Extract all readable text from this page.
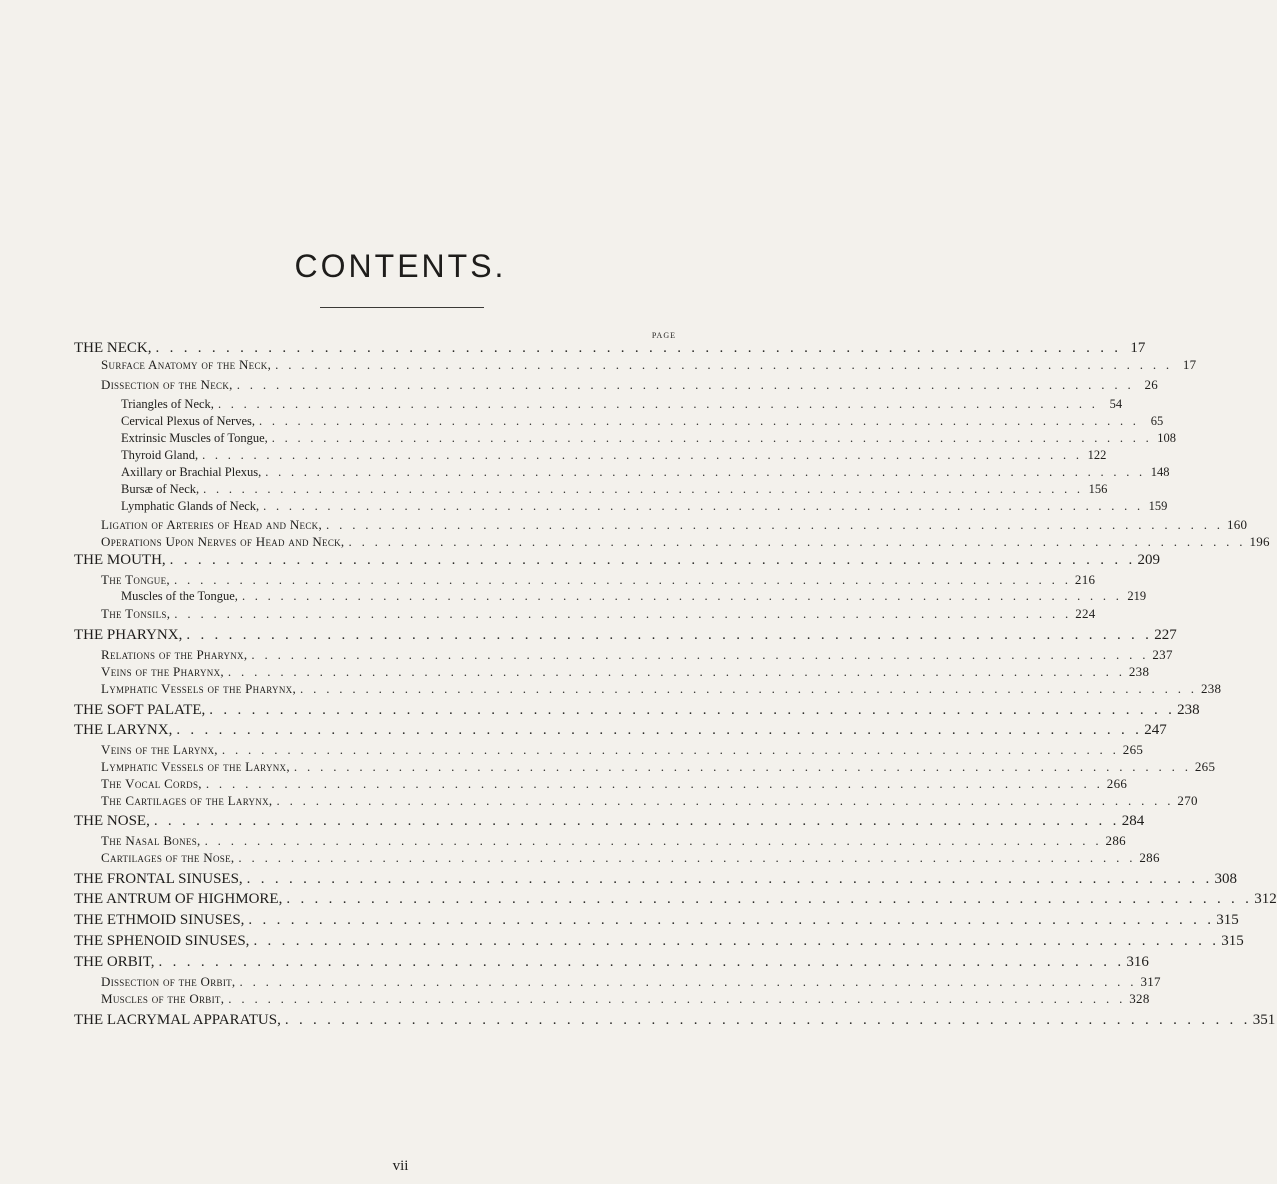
CONTENTS.
PAGE
THE NECK, . . . . . . . . . . . . . . . . . . . . . . . . . . . . . . . . . . . . . . . . . . . . . . . . . . . . . . . . . . . . . . . . . . . . . 17
Surface Anatomy of the Neck, . . . . . . . . . . . . . . . . . . . . . . . . . . . . . . . . . . . . . . . . . . . . . . . . . . . . . . . . . . . . . . . . . . . . . 17
Dissection of the Neck, . . . . . . . . . . . . . . . . . . . . . . . . . . . . . . . . . . . . . . . . . . . . . . . . . . . . . . . . . . . . . . . . . . . . . 26
Triangles of Neck, . . . . . . . . . . . . . . . . . . . . . . . . . . . . . . . . . . . . . . . . . . . . . . . . . . . . . . . . . . . . . . . . . . . . . 54
Cervical Plexus of Nerves, . . . . . . . . . . . . . . . . . . . . . . . . . . . . . . . . . . . . . . . . . . . . . . . . . . . . . . . . . . . . . . . . . . . . . 65
Extrinsic Muscles of Tongue, . . . . . . . . . . . . . . . . . . . . . . . . . . . . . . . . . . . . . . . . . . . . . . . . . . . . . . . . . . . . . . . . . . . . . 108
Thyroid Gland, . . . . . . . . . . . . . . . . . . . . . . . . . . . . . . . . . . . . . . . . . . . . . . . . . . . . . . . . . . . . . . . . . . . . . 122
Axillary or Brachial Plexus, . . . . . . . . . . . . . . . . . . . . . . . . . . . . . . . . . . . . . . . . . . . . . . . . . . . . . . . . . . . . . . . . . . . . . 148
Bursæ of Neck, . . . . . . . . . . . . . . . . . . . . . . . . . . . . . . . . . . . . . . . . . . . . . . . . . . . . . . . . . . . . . . . . . . . . . 156
Lymphatic Glands of Neck, . . . . . . . . . . . . . . . . . . . . . . . . . . . . . . . . . . . . . . . . . . . . . . . . . . . . . . . . . . . . . . . . . . . . . 159
Ligation of Arteries of Head and Neck, . . . . . . . . . . . . . . . . . . . . . . . . . . . . . . . . . . . . . . . . . . . . . . . . . . . . . . . . . . . . . . . . . . . . . 160
Operations Upon Nerves of Head and Neck, . . . . . . . . . . . . . . . . . . . . . . . . . . . . . . . . . . . . . . . . . . . . . . . . . . . . . . . . . . . . . . . . . . . . . 196
THE MOUTH, . . . . . . . . . . . . . . . . . . . . . . . . . . . . . . . . . . . . . . . . . . . . . . . . . . . . . . . . . . . . . . . . . . . . . 209
The Tongue, . . . . . . . . . . . . . . . . . . . . . . . . . . . . . . . . . . . . . . . . . . . . . . . . . . . . . . . . . . . . . . . . . . . . . 216
Muscles of the Tongue, . . . . . . . . . . . . . . . . . . . . . . . . . . . . . . . . . . . . . . . . . . . . . . . . . . . . . . . . . . . . . . . . . . . . . 219
The Tonsils, . . . . . . . . . . . . . . . . . . . . . . . . . . . . . . . . . . . . . . . . . . . . . . . . . . . . . . . . . . . . . . . . . . . . . 224
THE PHARYNX, . . . . . . . . . . . . . . . . . . . . . . . . . . . . . . . . . . . . . . . . . . . . . . . . . . . . . . . . . . . . . . . . . . . . . 227
Relations of the Pharynx, . . . . . . . . . . . . . . . . . . . . . . . . . . . . . . . . . . . . . . . . . . . . . . . . . . . . . . . . . . . . . . . . . . . . . 237
Veins of the Pharynx, . . . . . . . . . . . . . . . . . . . . . . . . . . . . . . . . . . . . . . . . . . . . . . . . . . . . . . . . . . . . . . . . . . . . . 238
Lymphatic Vessels of the Pharynx, . . . . . . . . . . . . . . . . . . . . . . . . . . . . . . . . . . . . . . . . . . . . . . . . . . . . . . . . . . . . . . . . . . . . . 238
THE SOFT PALATE, . . . . . . . . . . . . . . . . . . . . . . . . . . . . . . . . . . . . . . . . . . . . . . . . . . . . . . . . . . . . . . . . . . . . . 238
THE LARYNX, . . . . . . . . . . . . . . . . . . . . . . . . . . . . . . . . . . . . . . . . . . . . . . . . . . . . . . . . . . . . . . . . . . . . . 247
Veins of the Larynx, . . . . . . . . . . . . . . . . . . . . . . . . . . . . . . . . . . . . . . . . . . . . . . . . . . . . . . . . . . . . . . . . . . . . . 265
Lymphatic Vessels of the Larynx, . . . . . . . . . . . . . . . . . . . . . . . . . . . . . . . . . . . . . . . . . . . . . . . . . . . . . . . . . . . . . . . . . . . . . 265
The Vocal Cords, . . . . . . . . . . . . . . . . . . . . . . . . . . . . . . . . . . . . . . . . . . . . . . . . . . . . . . . . . . . . . . . . . . . . . 266
The Cartilages of the Larynx, . . . . . . . . . . . . . . . . . . . . . . . . . . . . . . . . . . . . . . . . . . . . . . . . . . . . . . . . . . . . . . . . . . . . . 270
THE NOSE, . . . . . . . . . . . . . . . . . . . . . . . . . . . . . . . . . . . . . . . . . . . . . . . . . . . . . . . . . . . . . . . . . . . . . 284
The Nasal Bones, . . . . . . . . . . . . . . . . . . . . . . . . . . . . . . . . . . . . . . . . . . . . . . . . . . . . . . . . . . . . . . . . . . . . . 286
Cartilages of the Nose, . . . . . . . . . . . . . . . . . . . . . . . . . . . . . . . . . . . . . . . . . . . . . . . . . . . . . . . . . . . . . . . . . . . . . 286
THE FRONTAL SINUSES, . . . . . . . . . . . . . . . . . . . . . . . . . . . . . . . . . . . . . . . . . . . . . . . . . . . . . . . . . . . . . . . . . . . . . 308
THE ANTRUM OF HIGHMORE, . . . . . . . . . . . . . . . . . . . . . . . . . . . . . . . . . . . . . . . . . . . . . . . . . . . . . . . . . . . . . . . . . . . . . 312
THE ETHMOID SINUSES, . . . . . . . . . . . . . . . . . . . . . . . . . . . . . . . . . . . . . . . . . . . . . . . . . . . . . . . . . . . . . . . . . . . . . 315
THE SPHENOID SINUSES, . . . . . . . . . . . . . . . . . . . . . . . . . . . . . . . . . . . . . . . . . . . . . . . . . . . . . . . . . . . . . . . . . . . . . 315
THE ORBIT, . . . . . . . . . . . . . . . . . . . . . . . . . . . . . . . . . . . . . . . . . . . . . . . . . . . . . . . . . . . . . . . . . . . . . 316
Dissection of the Orbit, . . . . . . . . . . . . . . . . . . . . . . . . . . . . . . . . . . . . . . . . . . . . . . . . . . . . . . . . . . . . . . . . . . . . . 317
Muscles of the Orbit, . . . . . . . . . . . . . . . . . . . . . . . . . . . . . . . . . . . . . . . . . . . . . . . . . . . . . . . . . . . . . . . . . . . . . 328
THE LACRYMAL APPARATUS, . . . . . . . . . . . . . . . . . . . . . . . . . . . . . . . . . . . . . . . . . . . . . . . . . . . . . . . . . . . . . . . . . . . . . 351
vii
